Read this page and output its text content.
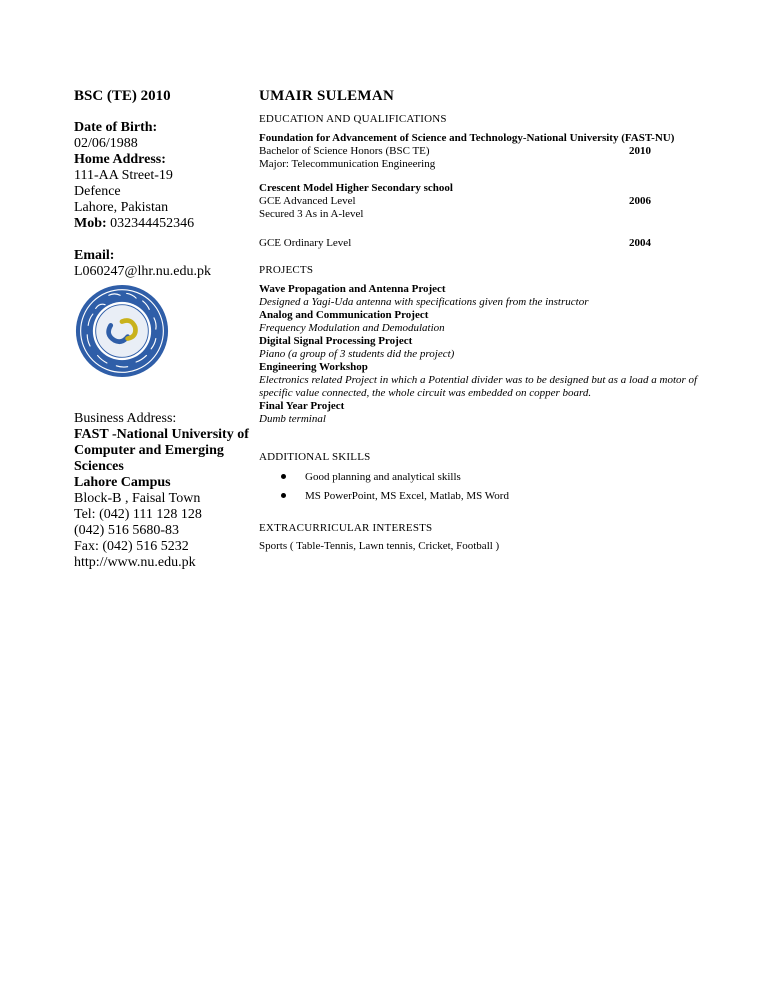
BSC (TE) 2010
Date of Birth:
02/06/1988
Home Address:
111-AA Street-19
Defence
Lahore, Pakistan
Mob: 032344452346
Email:
L060247@lhr.nu.edu.pk
Business Address:
FAST -National University of Computer and Emerging Sciences
Lahore Campus
Block-B , Faisal Town
Tel: (042) 111 128 128
(042) 516 5680-83
Fax: (042) 516 5232
http://www.nu.edu.pk
UMAIR SULEMAN
EDUCATION AND QUALIFICATIONS
Foundation for Advancement of Science and Technology-National University (FAST-NU)
Bachelor of Science Honors (BSC TE)	2010
Major: Telecommunication Engineering
Crescent Model Higher Secondary school
GCE Advanced Level	2006
Secured 3 As in A-level
GCE Ordinary Level	2004
PROJECTS
Wave Propagation and Antenna Project
Designed a Yagi-Uda antenna with specifications given from the instructor
Analog and Communication Project
Frequency Modulation and Demodulation
Digital Signal Processing Project
Piano (a group of 3 students did the project)
Engineering Workshop
Electronics related Project in which a Potential divider was to be designed but as a load a motor of specific value connected, the whole circuit was embedded on copper board.
Final Year Project
Dumb terminal
ADDITIONAL SKILLS
Good planning and analytical skills
MS PowerPoint, MS Excel, Matlab, MS Word
EXTRACURRICULAR INTERESTS
Sports ( Table-Tennis, Lawn tennis, Cricket, Football )
